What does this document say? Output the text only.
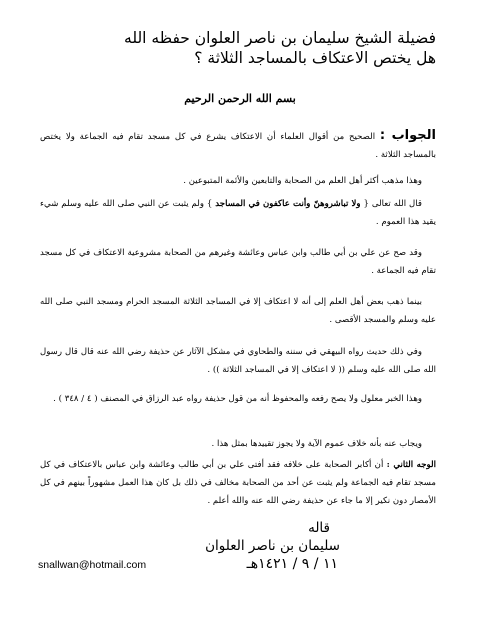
فضيلة الشيخ سليمان بن ناصر العلوان حفظه الله
هل يختص الاعتكاف بالمساجد الثلاثة ؟
بسم الله الرحمن الرحيم
الجواب : الصحيح من أقوال العلماء أن الاعتكاف يشرع في كل مسجد تقام فيه الجماعة ولا يختص بالمساجد الثلاثة .
وهذا مذهب أكثر أهل العلم من الصحابة والتابعين والأئمة المتبوعين .
قال الله تعالى { ولا تباشروهنّ وأنت عاكفون في المساجد } ولم يثبت عن النبي صلى الله عليه وسلم شيء يقيد هذا العموم .
وقد صح عن علي بن أبي طالب وابن عباس وعائشة وغيرهم من الصحابة مشروعية الاعتكاف في كل مسجد تقام فيه الجماعة .
بينما ذهب بعض أهل العلم إلى أنه لا اعتكاف إلا في المساجد الثلاثة المسجد الحرام ومسجد النبي صلى الله عليه وسلم والمسجد الأقصى .
وفي ذلك حديث رواه البيهقي في سننه والطحاوي في مشكل الآثار عن حذيفة رضي الله عنه قال قال رسول الله صلى الله عليه وسلم (( لا اعتكاف إلا في المساجد الثلاثة )) .
وهذا الخبر معلول ولا يصح رفعه والمحفوظ أنه من قول حذيفة رواه عبد الرزاق في المصنف ( ٤ / ٣٤٨ ) .
ويجاب عنه بأنه خلاف عموم الآية ولا يجوز تقييدها بمثل هذا .
الوجه الثاني : أن أكابر الصحابة على خلافه فقد أفتى علي بن أبي طالب وعائشة وابن عباس بالاعتكاف في كل مسجد تقام فيه الجماعة ولم يثبت عن أحد من الصحابة مخالف في ذلك بل كان هذا العمل مشهوراً بينهم في كل الأمصار دون نكير إلا ما جاء عن حذيفة رضي الله عنه والله أعلم .
قاله
سليمان بن ناصر العلوان
١١ / ٩ / ١٤٢١هـ
snallwan@hotmail.com
